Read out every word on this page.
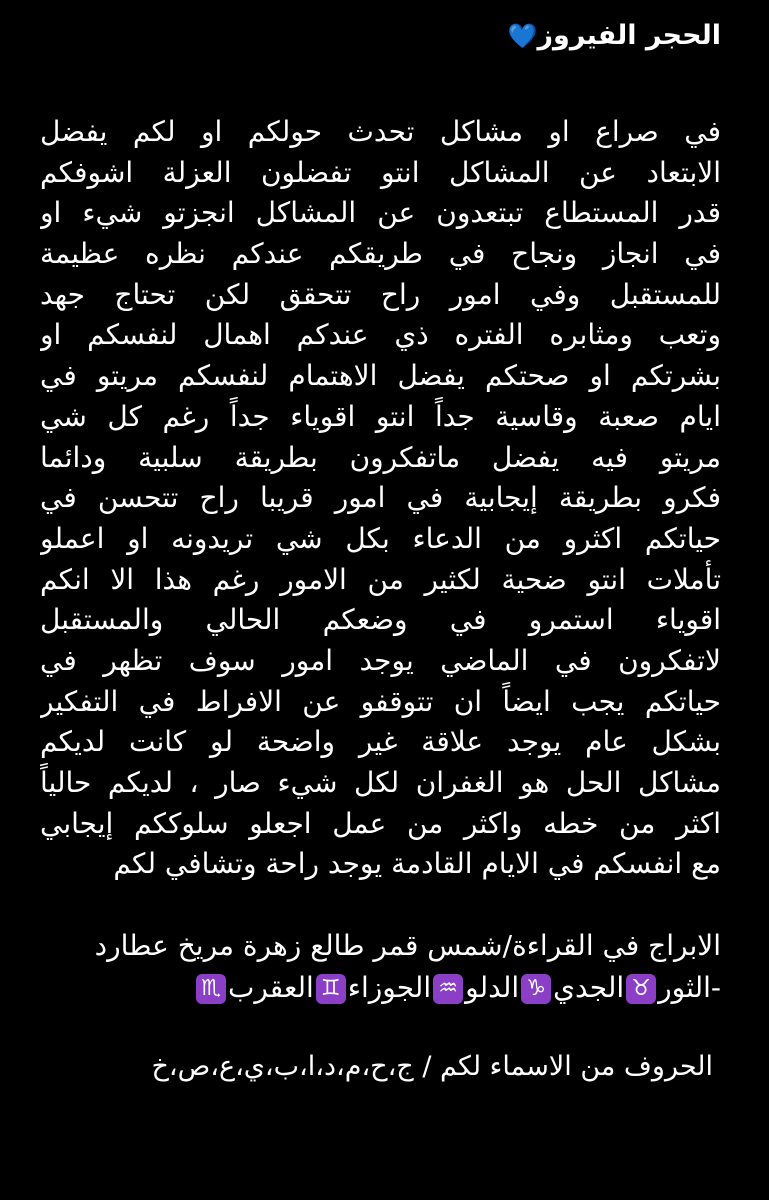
الحجر الفيروز💙
في صراع او مشاكل تحدث حولكم او لكم يفضل
الابتعاد عن المشاكل انتو تفضلون العزلة اشوفكم
قدر المستطاع تبتعدون عن المشاكل انجزتو شيء او
في انجاز ونجاح في طريقكم عندكم نظره عظيمة
للمستقبل وفي امور راح تتحقق لكن تحتاج جهد
وتعب ومثابره الفتره ذي عندكم اهمال لنفسكم او
بشرتكم او صحتكم يفضل الاهتمام لنفسكم مريتو في
ايام صعبة وقاسية جداً انتو اقوياء جداً رغم كل شي
مريتو فيه يفضل ماتفكرون بطريقة سلبية ودائما
فكرو بطريقة إيجابية في امور قريبا راح تتحسن في
حياتكم اكثرو من الدعاء بكل شي تريدونه او اعملو
تأملات انتو ضحية لكثير من الامور رغم هذا الا انكم
اقوياء استمرو في وضعكم الحالي والمستقبل
لاتفكرون في الماضي يوجد امور سوف تظهر في
حياتكم يجب ايضاً ان تتوقفو عن الافراط في التفكير
بشكل عام يوجد علاقة غير واضحة لو كانت لديكم
مشاكل الحل هو الغفران لكل شيء صار ، لديكم حالياً
اكثر من خطه واكثر من عمل اجعلو سلوككم إيجابي
مع انفسكم في الايام القادمة يوجد راحة وتشافي لكم
الابراج في القراءة/شمس قمر طالع زهرة مريخ عطارد
-الثور♉الجدي♑الدلو♒الجوزاء♊العقرب♏
الحروف من الاسماء لكم / ج،ح،م،د،ا،ب،ي،ع،ص،خ
